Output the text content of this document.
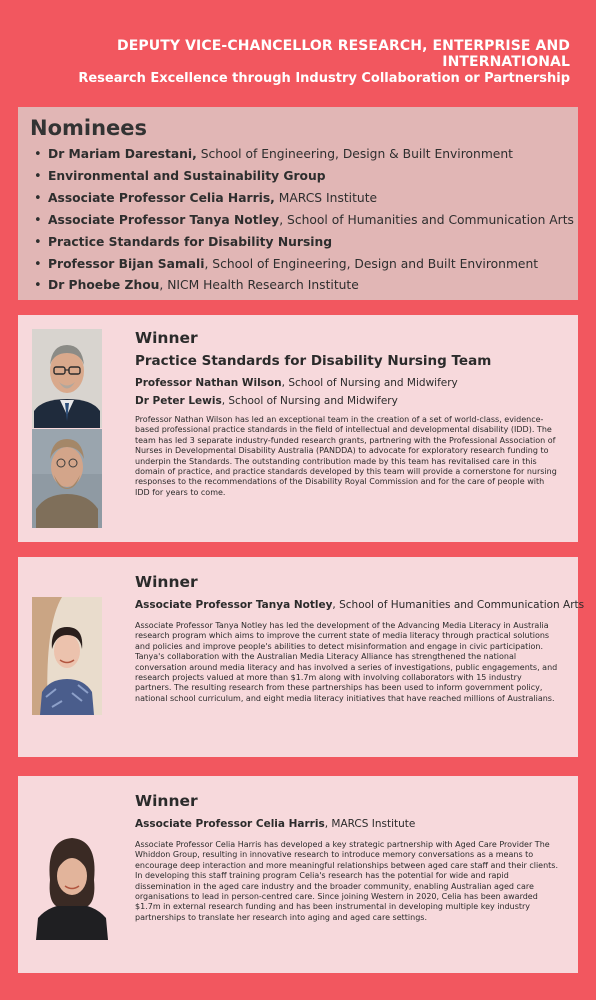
DEPUTY VICE-CHANCELLOR RESEARCH, ENTERPRISE AND INTERNATIONAL
Research Excellence through Industry Collaboration or Partnership
Nominees
• Dr Mariam Darestani, School of Engineering, Design & Built Environment
• Environmental and Sustainability Group
• Associate Professor Celia Harris, MARCS Institute
• Associate Professor Tanya Notley, School of Humanities and Communication Arts
• Practice Standards for Disability Nursing
• Professor Bijan Samali, School of Engineering, Design and Built Environment
• Dr Phoebe Zhou, NICM Health Research Institute

Winner

Practice Standards for Disability Nursing Team

Professor Nathan Wilson, School of Nursing and Midwifery

Dr Peter Lewis, School of Nursing and Midwifery

Professor Nathan Wilson has led an exceptional team in the creation of a set of world-class, evidence-based professional practice standards in the field of intellectual and developmental disability (IDD). The team has led 3 separate industry-funded research grants, partnering with the Professional Association of Nurses in Developmental Disability Australia (PANDDA) to advocate for exploratory research funding to underpin the Standards. The outstanding contribution made by this team has revitalised care in this domain of practice, and practice standards developed by this team will provide a cornerstone for nursing responses to the recommendations of the Disability Royal Commission and for the care of people with IDD for years to come.

Winner

Associate Professor Tanya Notley, School of Humanities and Communication Arts

Associate Professor Tanya Notley has led the development of the Advancing Media Literacy in Australia research program which aims to improve the current state of media literacy through practical solutions and policies and improve people's abilities to detect misinformation and engage in civic participation. Tanya's collaboration with the Australian Media Literacy Alliance has strengthened the national conversation around media literacy and has involved a series of investigations, public engagements, and research projects valued at more than $1.7m along with involving collaborators with 15 industry partners. The resulting research from these partnerships has been used to inform government policy, national school curriculum, and eight media literacy initiatives that have reached millions of Australians.

Winner

Associate Professor Celia Harris, MARCS Institute

Associate Professor Celia Harris has developed a key strategic partnership with Aged Care Provider The Whiddon Group, resulting in innovative research to introduce memory conversations as a means to encourage deep interaction and more meaningful relationships between aged care staff and their clients. In developing this staff training program Celia's research has the potential for wide and rapid dissemination in the aged care industry and the broader community, enabling Australian aged care organisations to lead in person-centred care. Since joining Western in 2020, Celia has been awarded $1.7m in external research funding and has been instrumental in developing multiple key industry partnerships to translate her research into aging and aged care settings.
